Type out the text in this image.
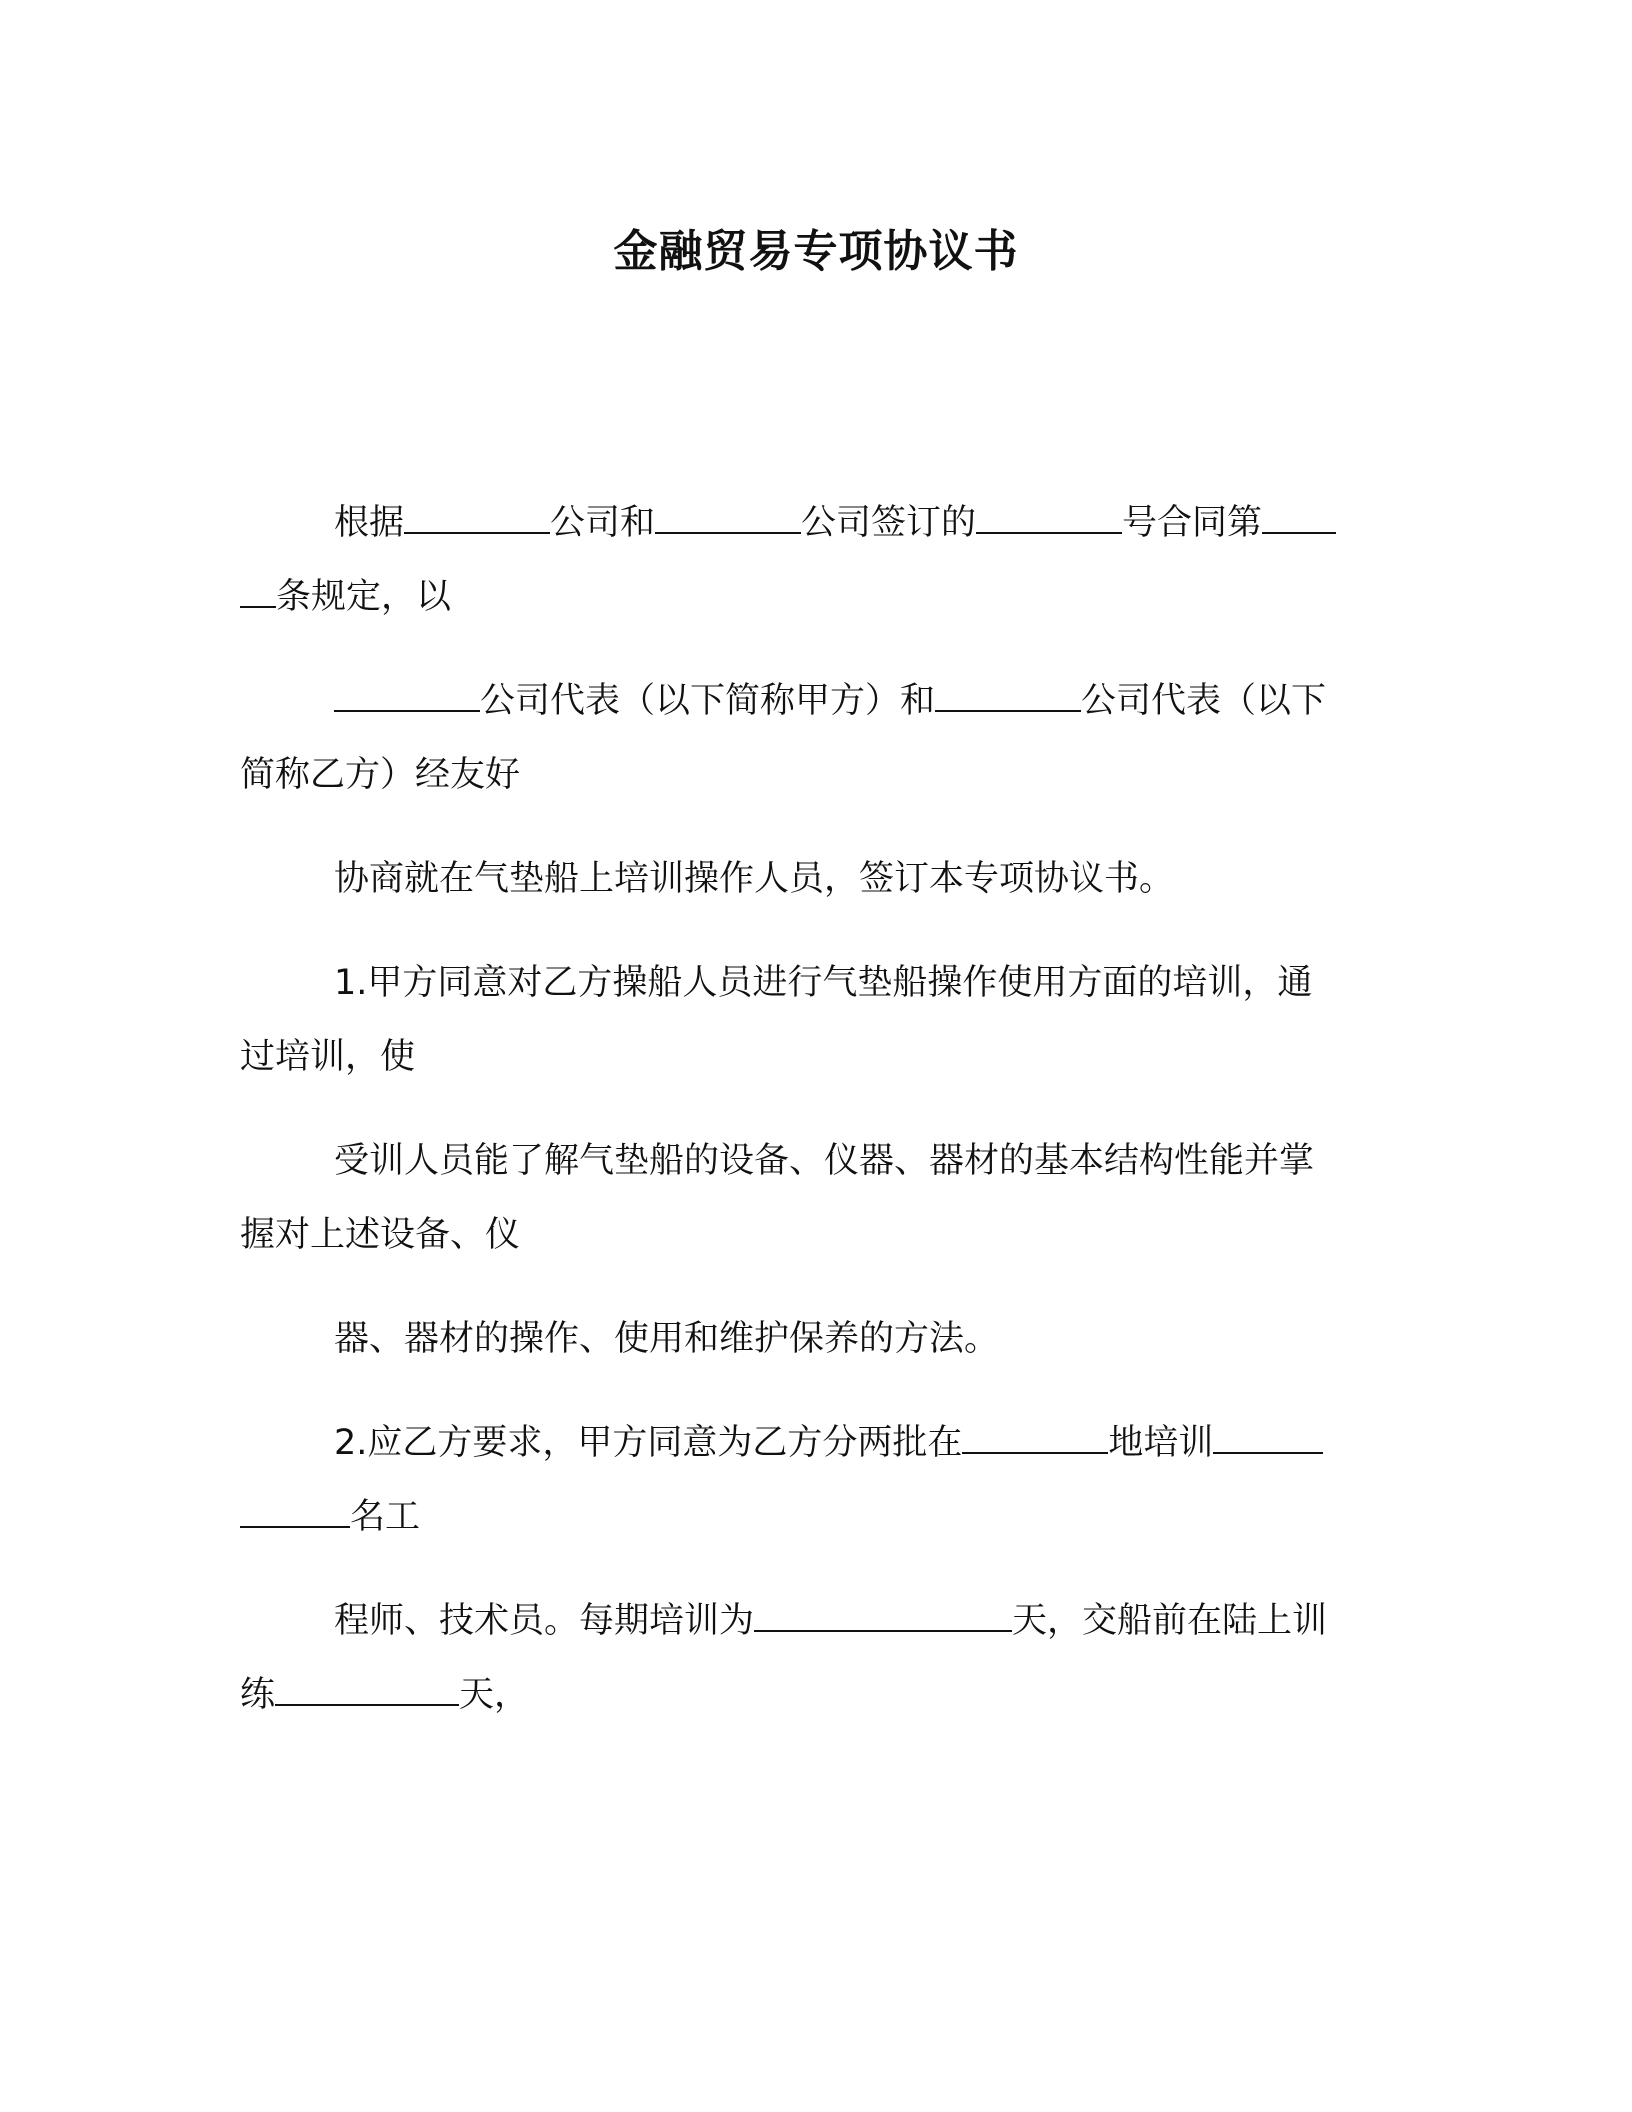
金融贸易专项协议书
根据	公司和	公司签订的	号合同第
条规定，以
公司代表（以下简称甲方）和	公司代表（以下
简称乙方）经友好
协商就在气垫船上培训操作人员，签订本专项协议书。
1.甲方同意对乙方操船人员进行气垫船操作使用方面的培训，通
过培训，使
受训人员能了解气垫船的设备、仪器、器材的基本结构性能并掌
握对上述设备、仪
器、器材的操作、使用和维护保养的方法。
2.应乙方要求，甲方同意为乙方分两批在	地培训
名工
程师、技术员。每期培训为	天，交船前在陆上训
练	天，
